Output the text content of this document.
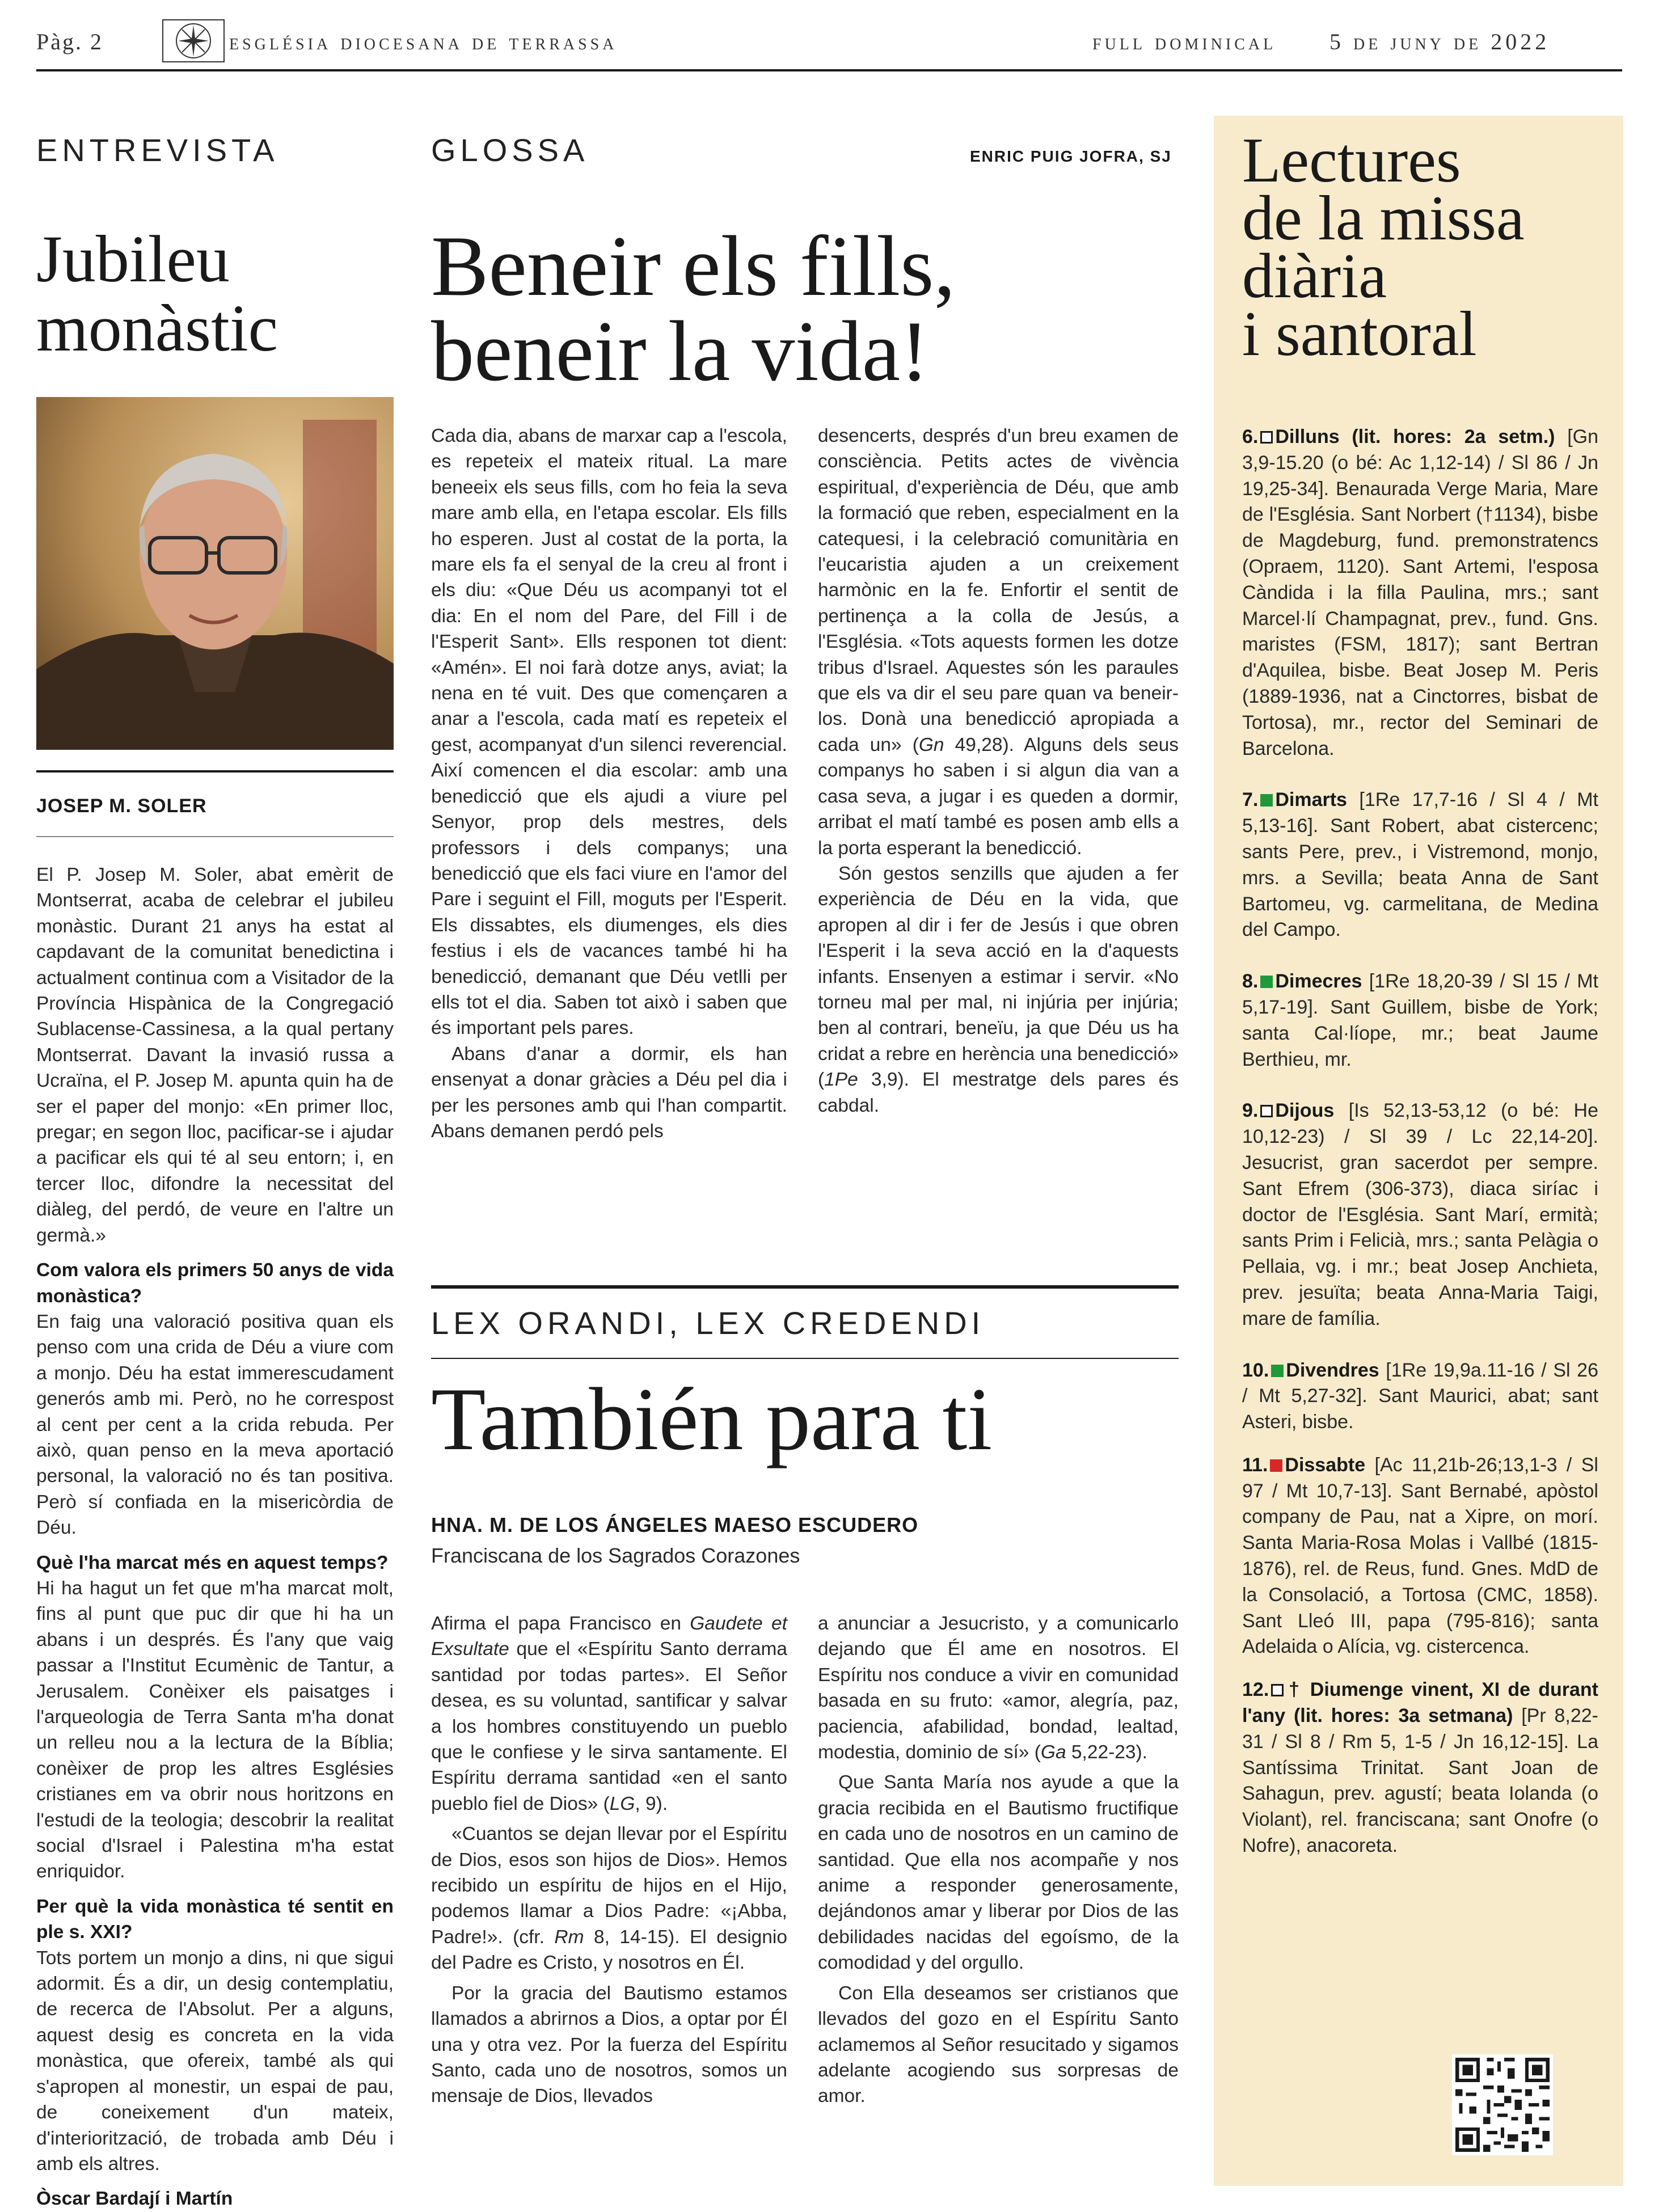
Pàg. 2	església diocesana de terrassa	full dominical 5 de juny de 2022
ENTREVISTA
Jubileu
monàstic
JOSEP M. SOLER

El P. Josep M. Soler, abat emèrit de Montserrat, acaba de celebrar el jubileu monàstic. Durant 21 anys ha estat al capdavant de la comunitat benedictina i actualment continua com a Visitador de la Província Hispànica de la Congregació Sublacense-Cassinesa, a la qual pertany Montserrat. Davant la invasió russa a Ucraïna, el P. Josep M. apunta quin ha de ser el paper del monjo: «En primer lloc, pregar; en segon lloc, pacificar-se i ajudar a pacificar els qui té al seu entorn; i, en tercer lloc, difondre la necessitat del diàleg, del perdó, de veure en l'altre un germà.»

Com valora els primers 50 anys de vida monàstica?

En faig una valoració positiva quan els penso com una crida de Déu a viure com a monjo. Déu ha estat immerescudament generós amb mi. Però, no he correspost al cent per cent a la crida rebuda. Per això, quan penso en la meva aportació personal, la valoració no és tan positiva. Però sí confiada en la misericòrdia de Déu.

Què l'ha marcat més en aquest temps?

Hi ha hagut un fet que m'ha marcat molt, fins al punt que puc dir que hi ha un abans i un després. És l'any que vaig passar a l'Institut Ecumènic de Tantur, a Jerusalem. Conèixer els paisatges i l'arqueologia de Terra Santa m'ha donat un relleu nou a la lectura de la Bíblia; conèixer de prop les altres Esglésies cristianes em va obrir nous horitzons en l'estudi de la teologia; descobrir la realitat social d'Israel i Palestina m'ha estat enriquidor.

Per què la vida monàstica té sentit en ple s. XXI?

Tots portem un monjo a dins, ni que sigui adormit. És a dir, un desig contemplatiu, de recerca de l'Absolut. Per a alguns, aquest desig es concreta en la vida monàstica, que ofereix, també als qui s'apropen al monestir, un espai de pau, de coneixement d'un mateix, d'interiorització, de trobada amb Déu i amb els altres.

Òscar Bardají i Martín

GLOSSA	ENRIC PUIG JOFRA, SJ
Beneir els fills,
beneir la vida!

Cada dia, abans de marxar cap a l'escola, es repeteix el mateix ritual. La mare beneeix els seus fills, com ho feia la seva mare amb ella, en l'etapa escolar. Els fills ho esperen. Just al costat de la porta, la mare els fa el senyal de la creu al front i els diu: «Que Déu us acompanyi tot el dia: En el nom del Pare, del Fill i de l'Esperit Sant». Ells responen tot dient: «Amén». El noi farà dotze anys, aviat; la nena en té vuit. Des que començaren a anar a l'escola, cada matí es repeteix el gest, acompanyat d'un silenci reverencial. Així comencen el dia escolar: amb una benedicció que els ajudi a viure pel Senyor, prop dels mestres, dels professors i dels companys; una benedicció que els faci viure en l'amor del Pare i seguint el Fill, moguts per l'Esperit. Els dissabtes, els diumenges, els dies festius i els de vacances també hi ha benedicció, demanant que Déu vetlli per ells tot el dia. Saben tot això i saben que és important pels pares.

Abans d'anar a dormir, els han ensenyat a donar gràcies a Déu pel dia i per les persones amb qui l'han compartit. Abans demanen perdó pels

desencerts, després d'un breu examen de consciència. Petits actes de vivència espiritual, d'experiència de Déu, que amb la formació que reben, especialment en la catequesi, i la celebració comunitària en l'eucaristia ajuden a un creixement harmònic en la fe. Enfortir el sentit de pertinença a la colla de Jesús, a l'Església. «Tots aquests formen les dotze tribus d'Israel. Aquestes són les paraules que els va dir el seu pare quan va beneir-los. Donà una benedicció apropiada a cada un» (Gn 49,28). Alguns dels seus companys ho saben i si algun dia van a casa seva, a jugar i es queden a dormir, arribat el matí també es posen amb ells a la porta esperant la benedicció.

Són gestos senzills que ajuden a fer experiència de Déu en la vida, que apropen al dir i fer de Jesús i que obren l'Esperit i la seva acció en la d'aquests infants. Ensenyen a estimar i servir. «No torneu mal per mal, ni injúria per injúria; ben al contrari, beneïu, ja que Déu us ha cridat a rebre en herència una benedicció» (1Pe 3,9). El mestratge dels pares és cabdal.

LEX ORANDI, LEX CREDENDI
También para ti
HNA. M. DE LOS ÁNGELES MAESO ESCUDERO
Franciscana de los Sagrados Corazones

Afirma el papa Francisco en Gaudete et Exsultate que el «Espíritu Santo derrama santidad por todas partes». El Señor desea, es su voluntad, santificar y salvar a los hombres constituyendo un pueblo que le confiese y le sirva santamente. El Espíritu derrama santidad «en el santo pueblo fiel de Dios» (LG, 9).

«Cuantos se dejan llevar por el Espíritu de Dios, esos son hijos de Dios». Hemos recibido un espíritu de hijos en el Hijo, podemos llamar a Dios Padre: «¡Abba, Padre!». (cfr. Rm 8, 14-15). El designio del Padre es Cristo, y nosotros en Él.

Por la gracia del Bautismo estamos llamados a abrirnos a Dios, a optar por Él una y otra vez. Por la fuerza del Espíritu Santo, cada uno de nosotros, somos un mensaje de Dios, llevados

a anunciar a Jesucristo, y a comunicarlo dejando que Él ame en nosotros. El Espíritu nos conduce a vivir en comunidad basada en su fruto: «amor, alegría, paz, paciencia, afabilidad, bondad, lealtad, modestia, dominio de sí» (Ga 5,22-23).

Que Santa María nos ayude a que la gracia recibida en el Bautismo fructifique en cada uno de nosotros en un camino de santidad. Que ella nos acompañe y nos anime a responder generosamente, dejándonos amar y liberar por Dios de las debilidades nacidas del egoísmo, de la comodidad y del orgullo.

Con Ella deseamos ser cristianos que llevados del gozo en el Espíritu Santo aclamemos al Señor resucitado y sigamos adelante acogiendo sus sorpresas de amor.

Lectures
de la missa
diària
i santoral

6. Dilluns (lit. hores: 2a setm.) [Gn 3,9-15.20 (o bé: Ac 1,12-14) / Sl 86 / Jn 19,25-34]. Benaurada Verge Maria, Mare de l'Església. Sant Norbert (†1134), bisbe de Magdeburg, fund. premonstratencs (Opraem, 1120). Sant Artemi, l'esposa Càndida i la filla Paulina, mrs.; sant Marcel·lí Champagnat, prev., fund. Gns. maristes (FSM, 1817); sant Bertran d'Aquilea, bisbe. Beat Josep M. Peris (1889-1936, nat a Cinctorres, bisbat de Tortosa), mr., rector del Seminari de Barcelona.

7. Dimarts [1Re 17,7-16 / Sl 4 / Mt 5,13-16]. Sant Robert, abat cistercenc; sants Pere, prev., i Vistremond, monjo, mrs. a Sevilla; beata Anna de Sant Bartomeu, vg. carmelitana, de Medina del Campo.

8. Dimecres [1Re 18,20-39 / Sl 15 / Mt 5,17-19]. Sant Guillem, bisbe de York; santa Cal·líope, mr.; beat Jaume Berthieu, mr.

9. Dijous [Is 52,13-53,12 (o bé: He 10,12-23) / Sl 39 / Lc 22,14-20]. Jesucrist, gran sacerdot per sempre. Sant Efrem (306-373), diaca siríac i doctor de l'Església. Sant Marí, ermità; sants Prim i Felicià, mrs.; santa Pelàgia o Pellaia, vg. i mr.; beat Josep Anchieta, prev. jesuïta; beata Anna-Maria Taigi, mare de família.

10. Divendres [1Re 19,9a.11-16 / Sl 26 / Mt 5,27-32]. Sant Maurici, abat; sant Asteri, bisbe.

11. Dissabte [Ac 11,21b-26;13,1-3 / Sl 97 / Mt 10,7-13]. Sant Bernabé, apòstol company de Pau, nat a Xipre, on morí. Santa Maria-Rosa Molas i Vallbé (1815-1876), rel. de Reus, fund. Gnes. MdD de la Consolació, a Tortosa (CMC, 1858). Sant Lleó III, papa (795-816); santa Adelaida o Alícia, vg. cistercenca.

12. † Diumenge vinent, XI de durant l'any (lit. hores: 3a setmana) [Pr 8,22-31 / Sl 8 / Rm 5, 1-5 / Jn 16,12-15]. La Santíssima Trinitat. Sant Joan de Sahagun, prev. agustí; beata Iolanda (o Violant), rel. franciscana; sant Onofre (o Nofre), anacoreta.
